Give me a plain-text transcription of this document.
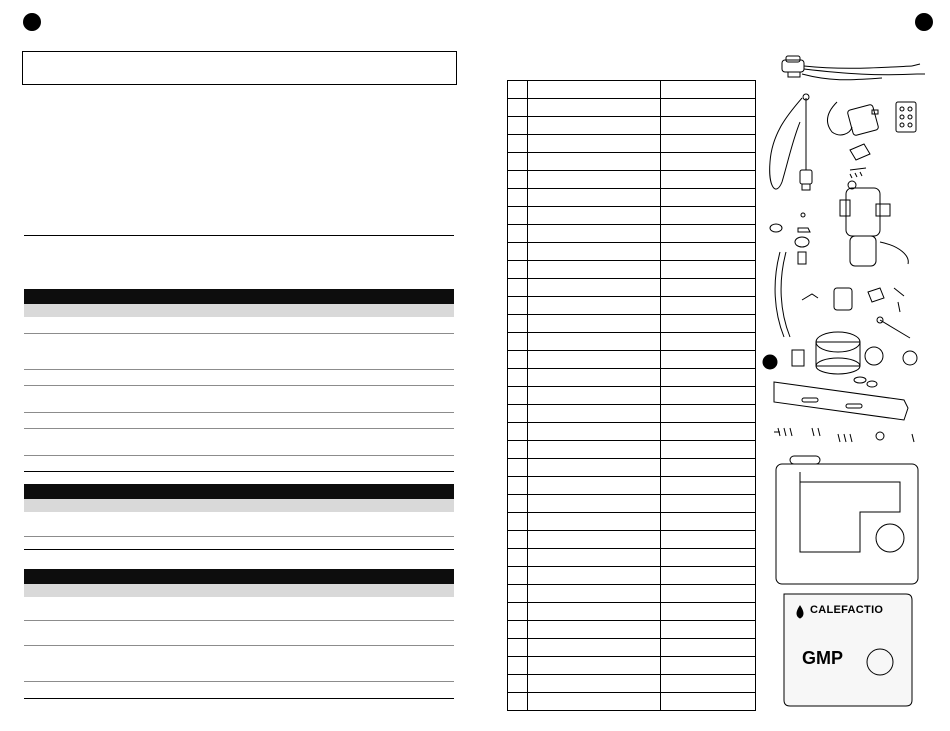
CALEFACTIO
GMP
